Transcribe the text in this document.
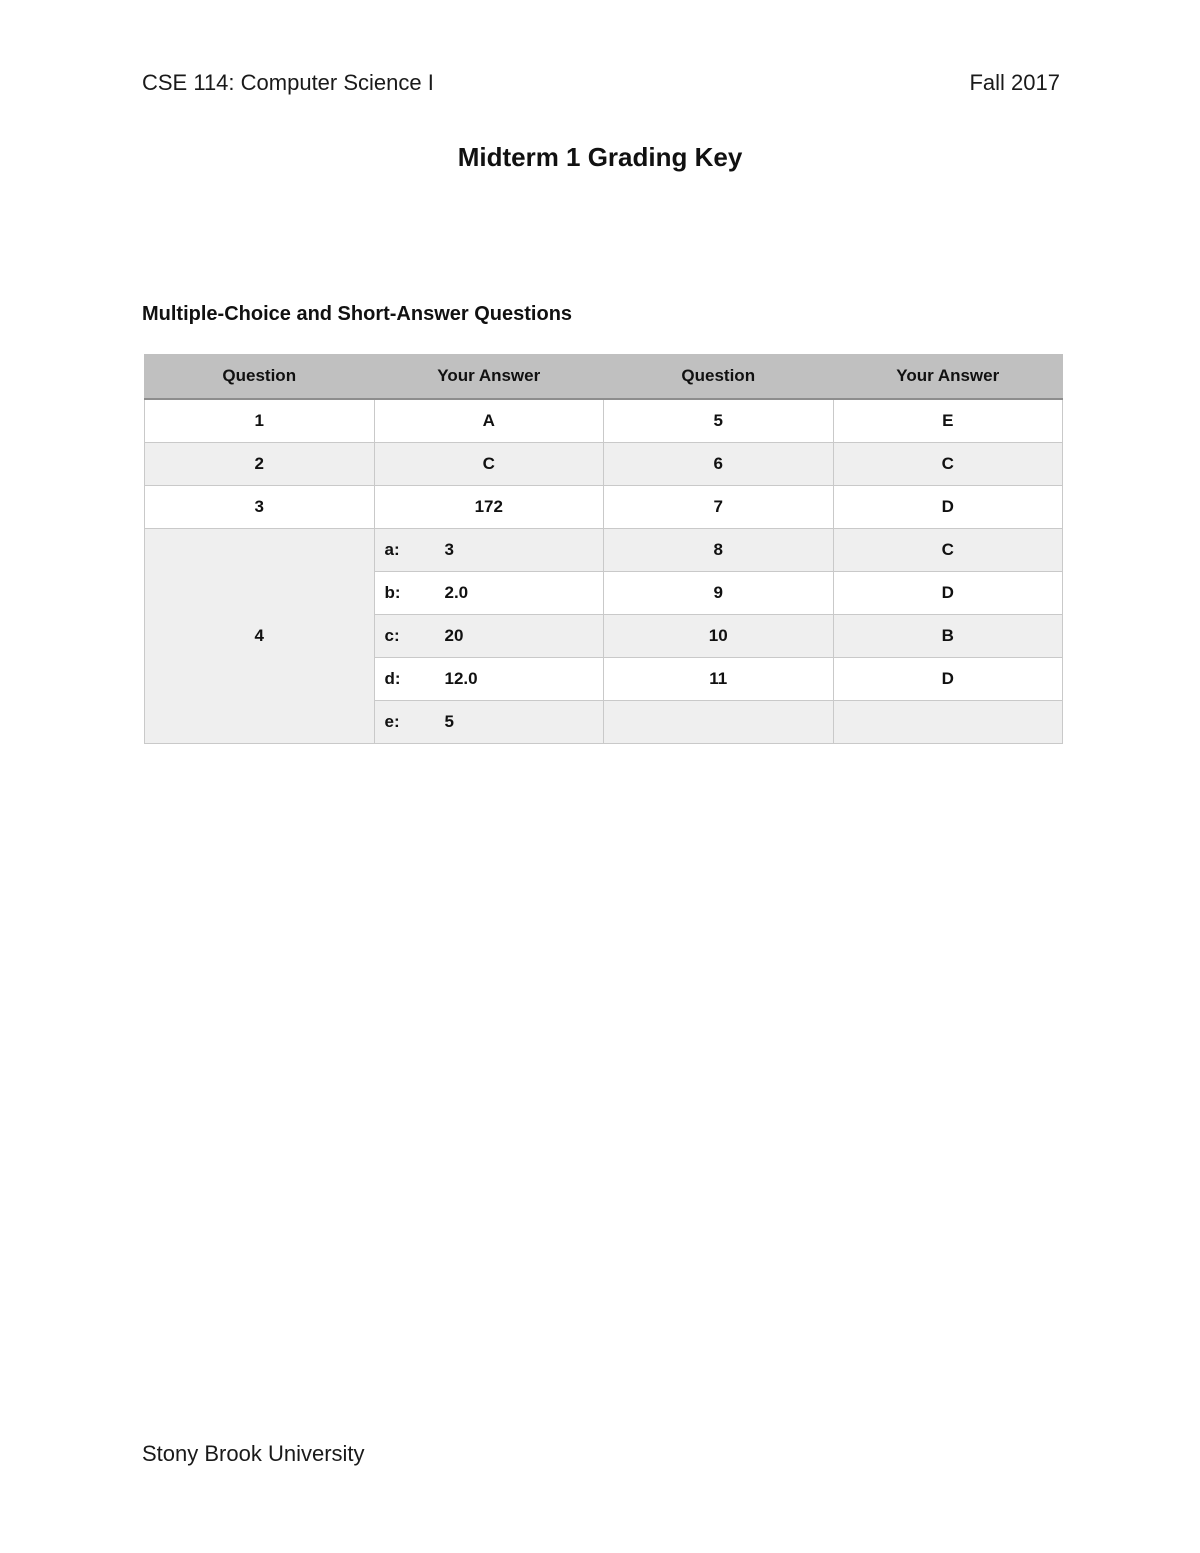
CSE 114: Computer Science I	Fall 2017
Midterm 1 Grading Key
Multiple-Choice and Short-Answer Questions
Question	Your Answer	Question	Your Answer
1	A	5	E
2	C	6	C
3	172	7	D
4	a: 3	8	C
	b: 2.0	9	D
	c: 20	10	B
	d: 12.0	11	D
	e: 5		
Stony Brook University
